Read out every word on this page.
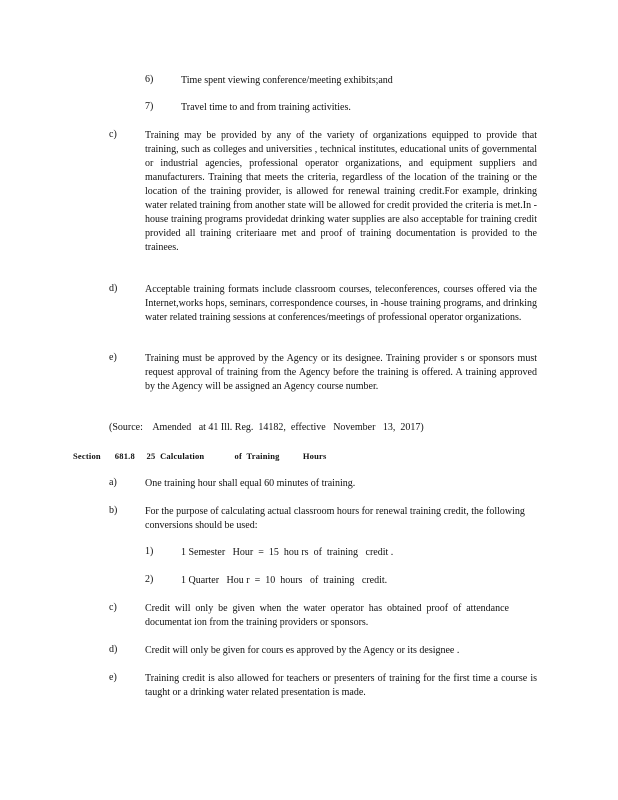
6)	Time spent viewing conference/meeting exhibits;and
7)	Travel time to and from training activities.
c)	Training may be provided by any of the variety of organizations equipped to provide that training, such as colleges and universities , technical institutes, educational units of governmental or industrial agencies, professional operator organizations, and equipment suppliers and manufacturers. Training that meets the criteria, regardless of the location of the training or the location of the training provider, is allowed for renewal training credit.For example, drinking water related training from another state will be allowed for credit provided the criteria is met.In -house training programs providedat drinking water supplies are also acceptable for training credit provided all training criteriaare met and proof of training documentation is provided to the trainees.
d)	Acceptable training formats include classroom courses, teleconferences, courses offered via the Internet,works hops, seminars, correspondence courses, in -house training programs, and drinking water related training sessions at conferences/meetings of professional operator organizations.
e)	Training must be approved by the Agency or its designee. Training provider s or sponsors must request approval of training from the Agency before the training is offered. A training approved by the Agency will be assigned an Agency course number.
(Source:    Amended   at 41 Ill. Reg.  14182,  effective   November   13,  2017)
Section      681.8     25  Calculation             of  Training          Hours
a)	One training hour shall equal 60 minutes of training.
b)	For the purpose of calculating actual classroom hours for renewal training credit, the following conversions should be used:
1)	1 Semester   Hour  =  15  hou rs  of  training   credit .
2)	1 Quarter   Hou r  =  10  hours   of  training   credit.
c)	Credit will only be given when the water operator has obtained proof of attendance documentat ion from the training providers or sponsors.
d)	Credit will only be given for cours es approved by the Agency or its designee .
e)	Training credit is also allowed for teachers or presenters of training for the first time a course is taught or a drinking water related presentation is made.
